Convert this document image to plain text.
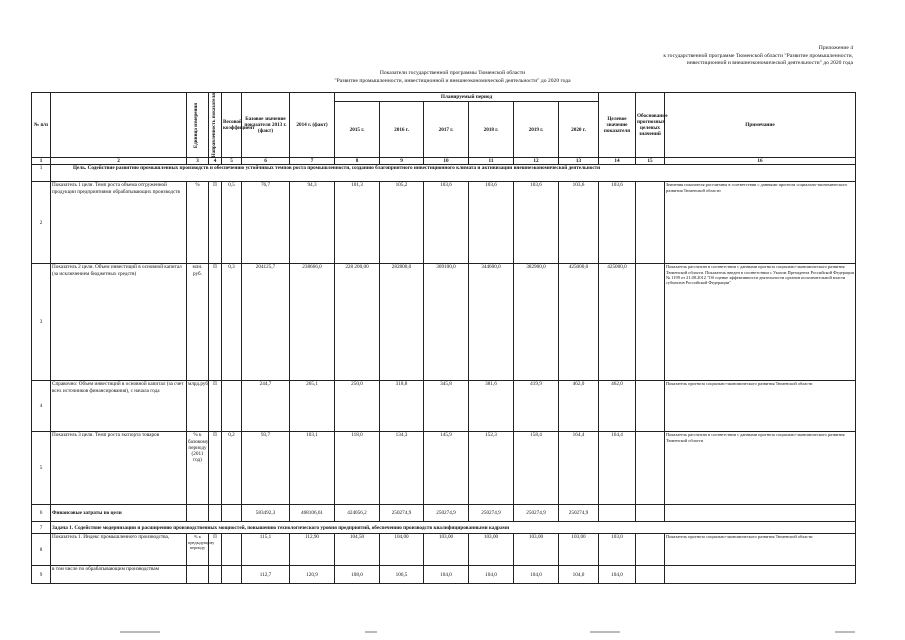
Приложение 4
к государственной программе Тюменской области "Развитие промышленности,
инвестиционной и внешнеэкономической деятельности" до 2020 года
Показатели государственной программы Тюменской области
"Развитие промышленности, инвестиционной и внешнеэкономической деятельности" до 2020 года
№ п/п		Единица измерения	Направленность показателя	Весовой коэффициент	Базовое значение показателя 2013 г. (факт)	2014 г. (факт)	Планируемый период						Целевое значение показателя	Обоснование прогнозных целевых значений	Примечание
							2015 г.	2016 г.	2017 г.	2018 г.	2019 г.	2020 г.			
1	2	3	4	5	6	7	8	9	10	11	12	13	14	15	16
1	Цель. Содействие развитию промышленных производств и обеспечению устойчивых темпов роста промышленности, созданию благоприятного инвестиционного климата и активизации внешнеэкономической деятельности														
2	Показатель 1 цели. Темп роста объема отгруженной продукции предприятиями обрабатывающих производств	%	П	0,5	76,7	94,3	101,3	105,2	103,6	103,6	103,6	103,6	103,6		Значения показателя рассчитаны в соответствии с данными прогноза социально-экономического развития Тюменской области
3	Показатель 2 цели. Объем инвестиций в основной капитал (за исключением бюджетных средств)	млн. руб.	П	0,3	204125,7	238666,0	228 200,00	282800,0	309100,0	344600,0	382900,0	425000,0	425000,0		Показатель рассчитан в соответствии с данными прогноза социально-экономического развития Тюменской области. Показатель введен в соответствии с Указом Президента Российской Федерации № 1199 от 21.08.2012 "Об оценке эффективности деятельности органов исполнительной власти субъектов Российской Федерации"
4	Справочно: Объем инвестиций в основной капитал (за счет всех источников финансирования), с начала года	млрд.руб.	П		244,7	265,1	250,0	318,8	345,8	381,6	419,9	462,0	462,0		Показатель прогноза социально-экономического развития Тюменской области
5	Показатель 3 цели. Темп роста экспорта товаров	% к базовому периоду (2011 год)	П	0,2	93,7	103,1	118,0	134,3	145,9	152,3	158,4	164,4	164,4		Показатель рассчитан в соответствии с данными прогноза социально-экономического развития Тюменской области
6	Финансовые затраты по цели				583492,3	468106,61	424056,2	250274,9	250274,9	250274,9	250274,9	250274,9			
7	Задача 1. Содействие модернизации и расширению производственных мощностей, повышению технологического уровня предприятий, обеспечению производств квалифицированными кадрами														
8	Показатель 1. Индекс промышленного производства,	% к предыдущему периоду	П		115,1	112,90	104,50	104,00	103,00	103,00	103,00	103,00	103,0		Показатель прогноза социально-экономического развития Тюменской области
9	в том числе по обрабатывающим производствам				112,7	120,9	108,0	106,5	104,0	104,0	104,0	104,0	104,0		
